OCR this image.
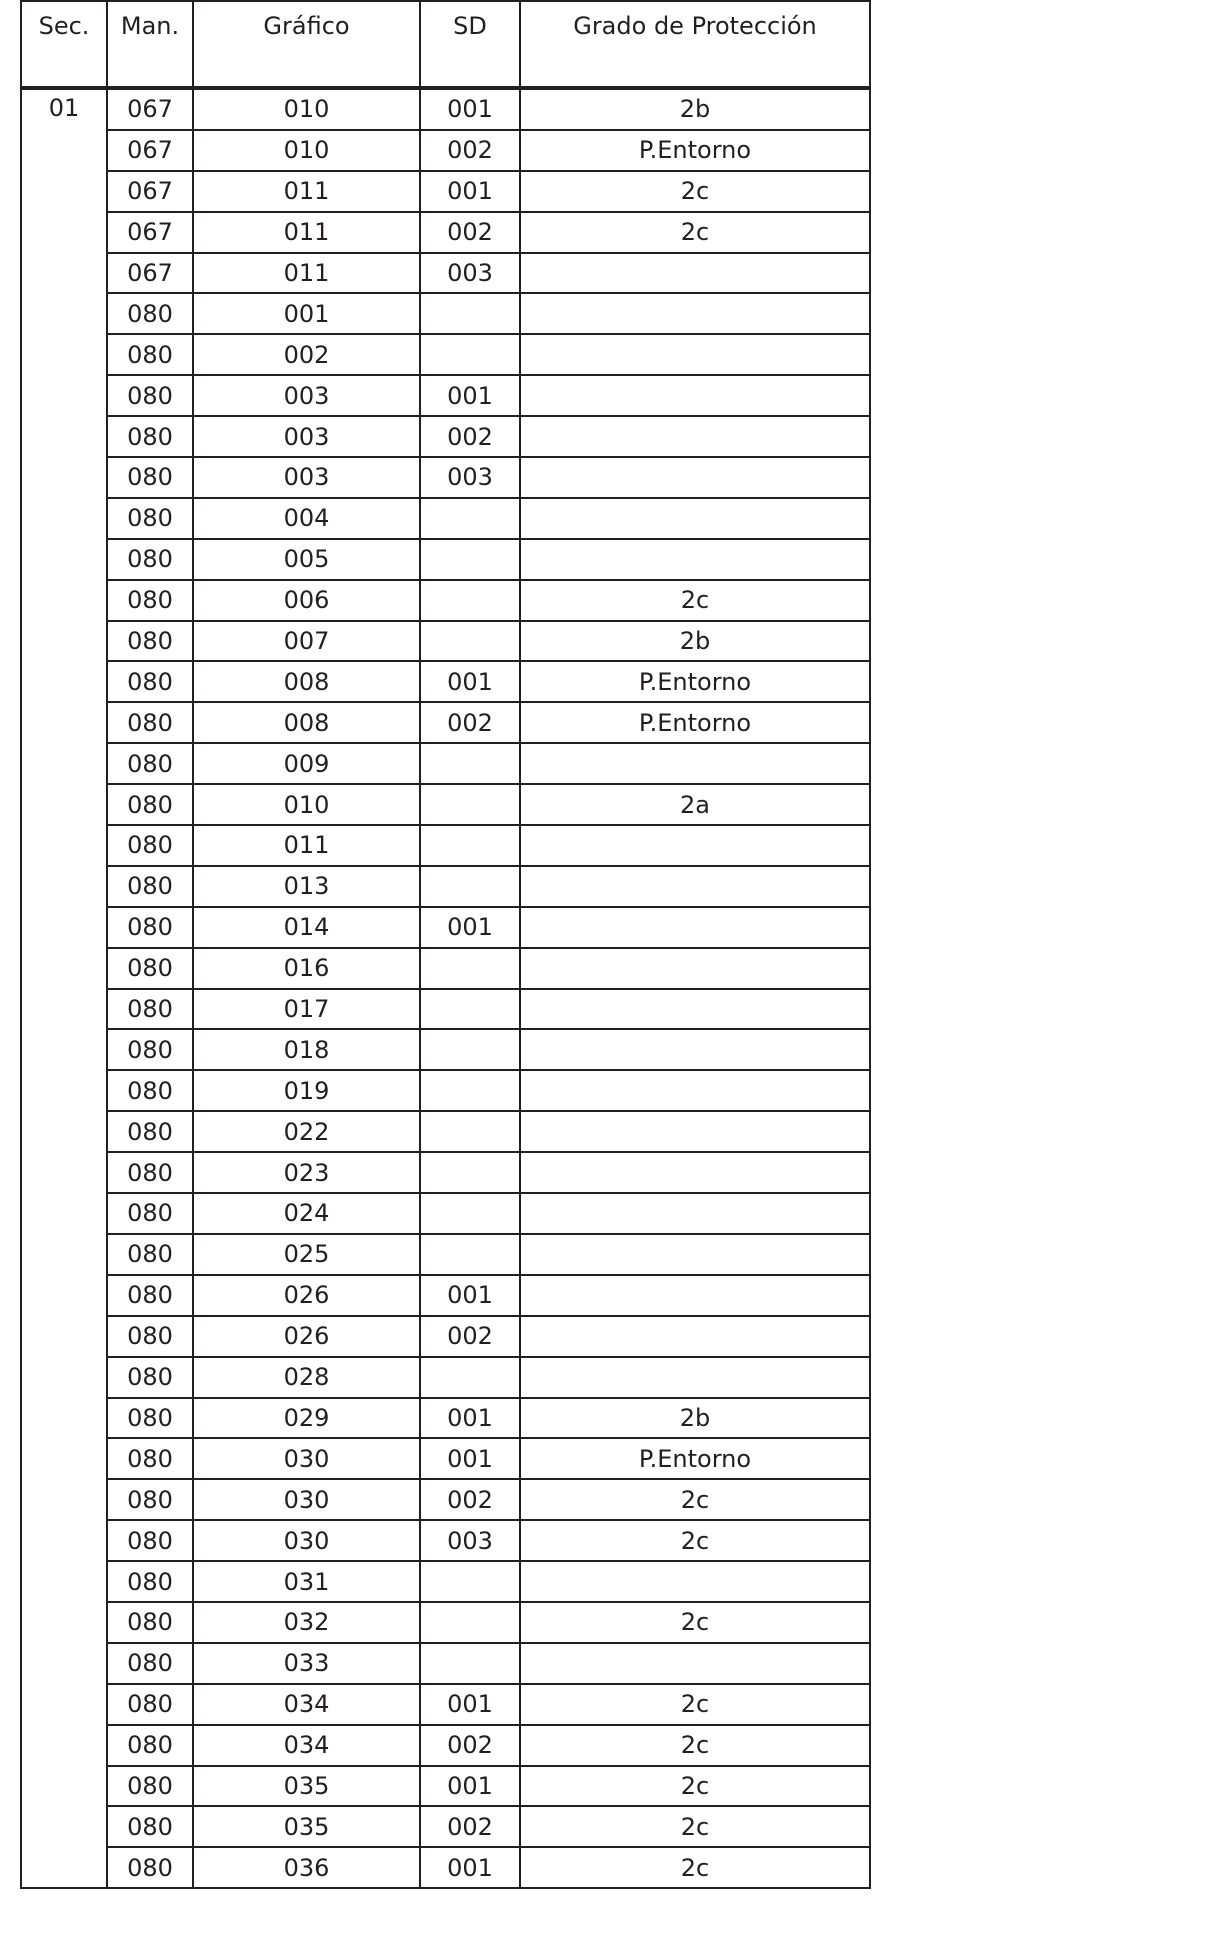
Sec.	Man.	Gráfico	SD	Grado de Protección

01	067	010	001	2b
	067	010	002	P.Entorno
	067	011	001	2c
	067	011	002	2c
	067	011	003	
	080	001		
	080	002		
	080	003	001	
	080	003	002	
	080	003	003	
	080	004		
	080	005		
	080	006		2c
	080	007		2b
	080	008	001	P.Entorno
	080	008	002	P.Entorno
	080	009		
	080	010		2a
	080	011		
	080	013		
	080	014	001	
	080	016		
	080	017		
	080	018		
	080	019		
	080	022		
	080	023		
	080	024		
	080	025		
	080	026	001	
	080	026	002	
	080	028		
	080	029	001	2b
	080	030	001	P.Entorno
	080	030	002	2c
	080	030	003	2c
	080	031		
	080	032		2c
	080	033		
	080	034	001	2c
	080	034	002	2c
	080	035	001	2c
	080	035	002	2c
	080	036	001	2c
